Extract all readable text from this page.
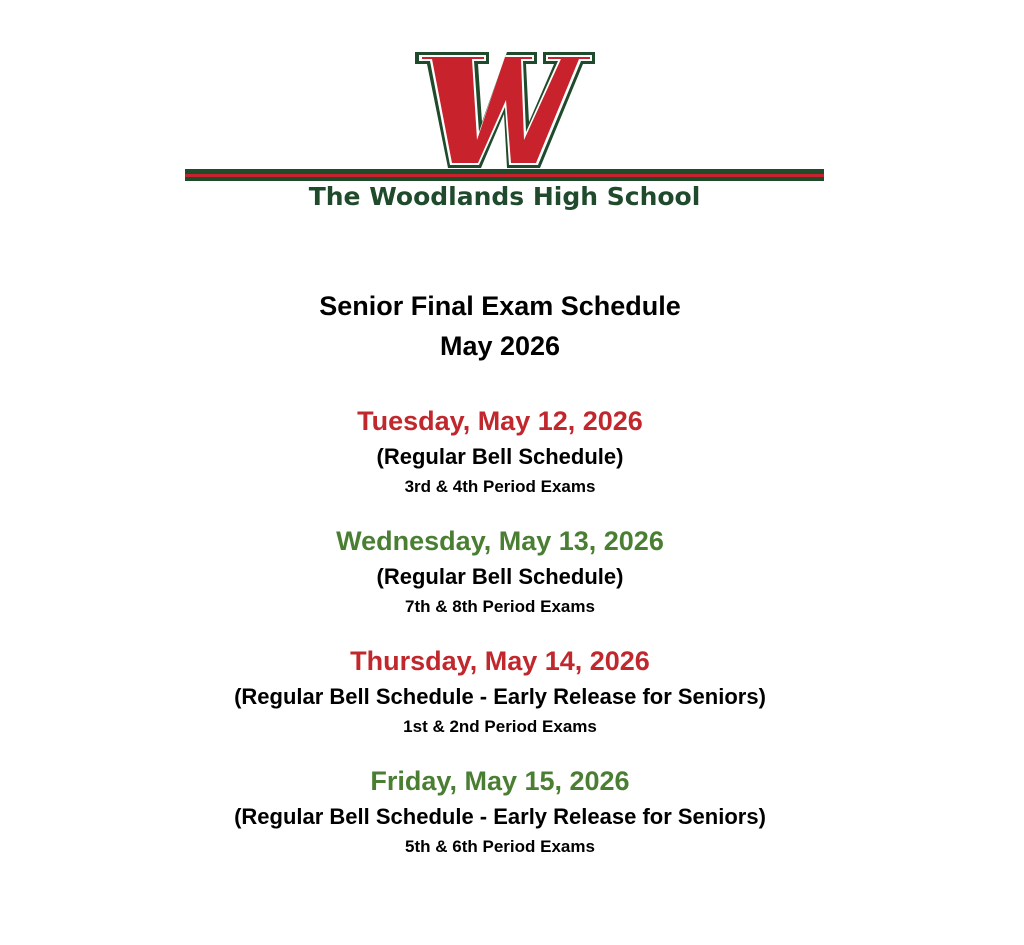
The Woodlands High School
Senior Final Exam Schedule
May 2026
Tuesday, May 12, 2026
(Regular Bell Schedule)
3rd & 4th Period Exams
Wednesday, May 13, 2026
(Regular Bell Schedule)
7th & 8th Period Exams
Thursday, May 14, 2026
(Regular Bell Schedule - Early Release for Seniors)
1st & 2nd Period Exams
Friday, May 15, 2026
(Regular Bell Schedule - Early Release for Seniors)
5th & 6th Period Exams
